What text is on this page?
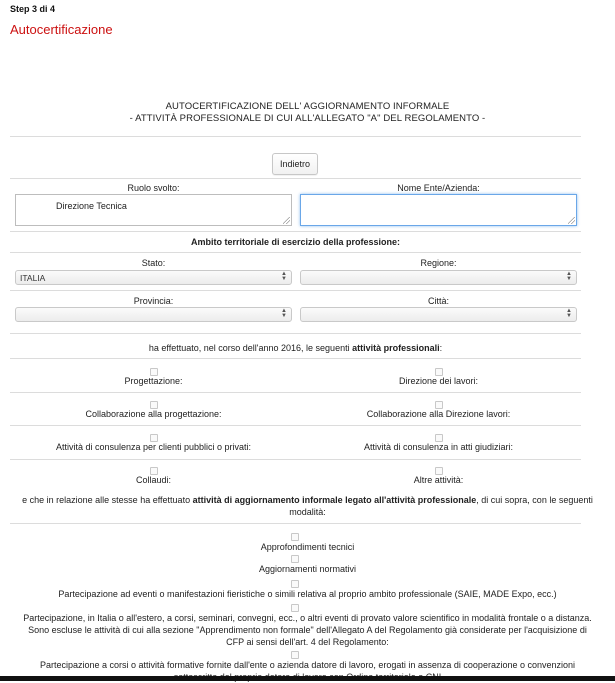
Step 3 di 4
Autocertificazione
AUTOCERTIFICAZIONE DELL' AGGIORNAMENTO INFORMALE
- ATTIVITÀ PROFESSIONALE DI CUI ALL'ALLEGATO "A" DEL REGOLAMENTO -
Indietro
Ruolo svolto:	Nome Ente/Azienda:
Direzione Tecnica
Ambito territoriale di esercizio della professione:
Stato:	Regione:
ITALIA	▲
▼
▲
▼
Provincia:	Città:
▲
▼
▲
▼
ha effettuato, nel corso dell'anno 2016, le seguenti attività professionali:
Progettazione:	Direzione dei lavori:
Collaborazione alla progettazione:	Collaborazione alla Direzione lavori:
Attività di consulenza per clienti pubblici o privati:	Attività di consulenza in atti giudiziari:
Collaudi:	Altre attività:
e che in relazione alle stesse ha effettuato attività di aggiornamento informale legato all'attività professionale, di cui sopra, con le seguenti modalità:
Approfondimenti tecnici
Aggiornamenti normativi
Partecipazione ad eventi o manifestazioni fieristiche o simili relativa al proprio ambito professionale (SAIE, MADE Expo, ecc.)
Partecipazione, in Italia o all'estero, a corsi, seminari, convegni, ecc., o altri eventi di provato valore scientifico in modalità frontale o a distanza. Sono escluse le attività di cui alla sezione "Apprendimento non formale" dell'Allegato A del Regolamento già considerate per l'acquisizione di CFP ai sensi dell'art. 4 del Regolamento:
Partecipazione a corsi o attività formative fornite dall'ente o azienda datore di lavoro, erogati in assenza di cooperazione o convenzioni
